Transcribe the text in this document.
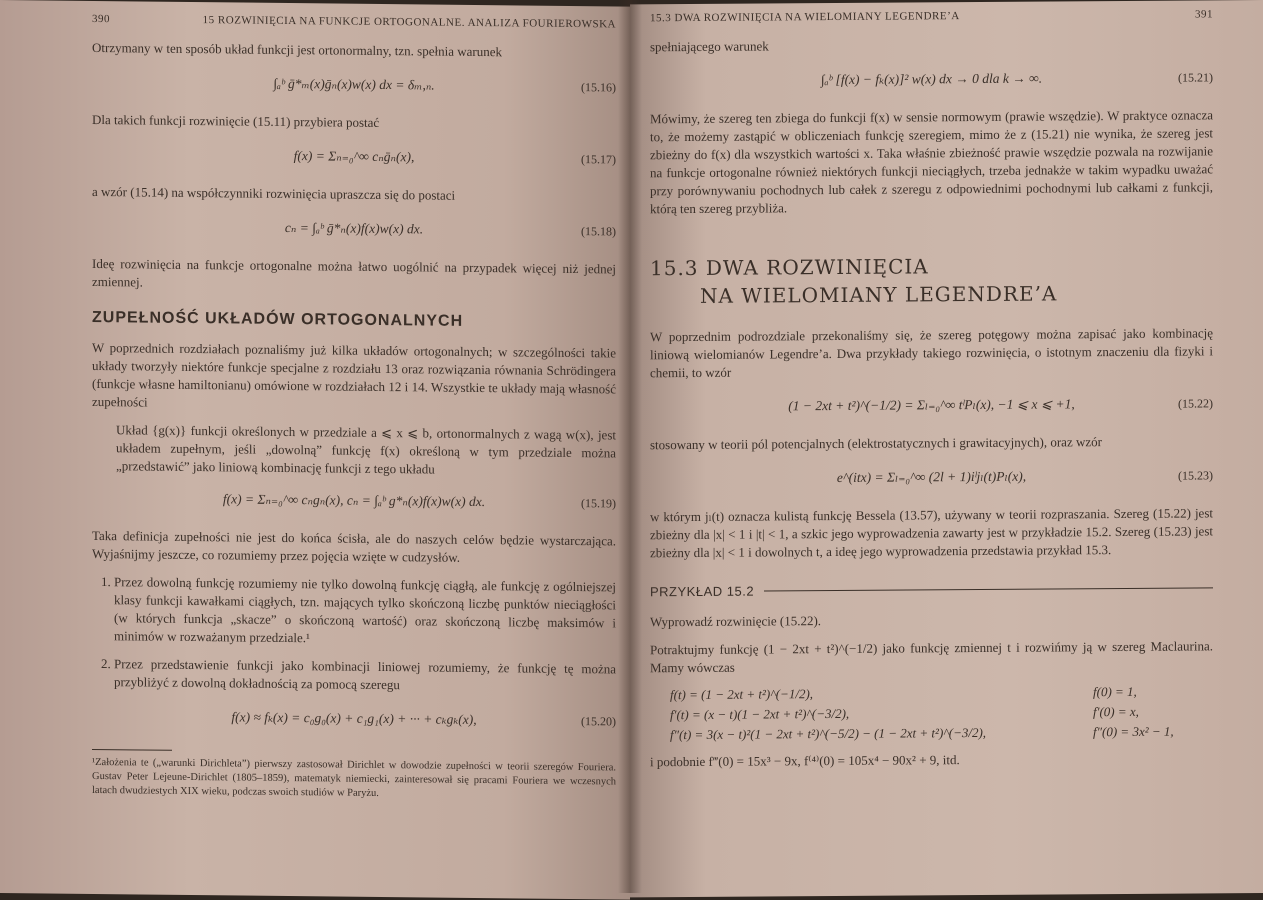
390	15 ROZWINIĘCIA NA FUNKCJE ORTOGONALNE. ANALIZA FOURIEROWSKA

Otrzymany w ten sposób układ funkcji jest ortonormalny, tzn. spełnia warunek

∫ₐᵇ ḡ*ₘ(x)ḡₙ(x)w(x) dx = δₘ,ₙ.	(15.16)

Dla takich funkcji rozwinięcie (15.11) przybiera postać

f(x) = Σₙ₌₀^∞ cₙḡₙ(x),	(15.17)

a wzór (15.14) na współczynniki rozwinięcia upraszcza się do postaci

cₙ = ∫ₐᵇ ḡ*ₙ(x)f(x)w(x) dx.	(15.18)

Ideę rozwinięcia na funkcje ortogonalne można łatwo uogólnić na przypadek więcej niż jednej zmiennej.

ZUPEŁNOŚĆ UKŁADÓW ORTOGONALNYCH

W poprzednich rozdziałach poznaliśmy już kilka układów ortogonalnych; w szczególności takie układy tworzyły niektóre funkcje specjalne z rozdziału 13 oraz rozwiązania równania Schrödingera (funkcje własne hamiltonianu) omówione w rozdziałach 12 i 14. Wszystkie te układy mają własność zupełności

Układ {g(x)} funkcji określonych w przedziale a ⩽ x ⩽ b, ortonormalnych z wagą w(x), jest układem zupełnym, jeśli „dowolną” funkcję f(x) określoną w tym przedziale można „przedstawić” jako liniową kombinację funkcji z tego układu

f(x) = Σₙ₌₀^∞ cₙgₙ(x), cₙ = ∫ₐᵇ g*ₙ(x)f(x)w(x) dx.	(15.19)

Taka definicja zupełności nie jest do końca ścisła, ale do naszych celów będzie wystarczająca. Wyjaśnijmy jeszcze, co rozumiemy przez pojęcia wzięte w cudzysłów.

1. Przez dowolną funkcję rozumiemy nie tylko dowolną funkcję ciągłą, ale funkcję z ogólniejszej klasy funkcji kawałkami ciągłych, tzn. mających tylko skończoną liczbę punktów nieciągłości (w których funkcja „skacze” o skończoną wartość) oraz skończoną liczbę maksimów i minimów w rozważanym przedziale.¹
2. Przez przedstawienie funkcji jako kombinacji liniowej rozumiemy, że funkcję tę można przybliżyć z dowolną dokładnością za pomocą szeregu
f(x) ≈ fₖ(x) = c₀g₀(x) + c₁g₁(x) + ··· + cₖgₖ(x),	(15.20)

¹Założenia te („warunki Dirichleta”) pierwszy zastosował Dirichlet w dowodzie zupełności w teorii szeregów Fouriera. Gustav Peter Lejeune-Dirichlet (1805–1859), matematyk niemiecki, zainteresował się pracami Fouriera we wczesnych latach dwudziestych XIX wieku, podczas swoich studiów w Paryżu.

15.3 DWA ROZWINIĘCIA NA WIELOMIANY LEGENDRE’A	391

spełniającego warunek

∫ₐᵇ [f(x) − fₖ(x)]² w(x) dx → 0 dla k → ∞.	(15.21)

Mówimy, że szereg ten zbiega do funkcji f(x) w sensie normowym (prawie wszędzie). W praktyce oznacza to, że możemy zastąpić w obliczeniach funkcję szeregiem, mimo że z (15.21) nie wynika, że szereg jest zbieżny do f(x) dla wszystkich wartości x. Taka właśnie zbieżność prawie wszędzie pozwala na rozwijanie na funkcje ortogonalne również niektórych funkcji nieciągłych, trzeba jednakże w takim wypadku uważać przy porównywaniu pochodnych lub całek z szeregu z odpowiednimi pochodnymi lub całkami z funkcji, którą ten szereg przybliża.

15.3 DWA ROZWINIĘCIA
NA WIELOMIANY LEGENDRE’A

W poprzednim podrozdziale przekonaliśmy się, że szereg potęgowy można zapisać jako kombinację liniową wielomianów Legendre’a. Dwa przykłady takiego rozwinięcia, o istotnym znaczeniu dla fizyki i chemii, to wzór

(1 − 2xt + t²)^(−1/2) = Σₗ₌₀^∞ tˡPₗ(x), −1 ⩽ x ⩽ +1,	(15.22)

stosowany w teorii pól potencjalnych (elektrostatycznych i grawitacyjnych), oraz wzór

e^(itx) = Σₗ₌₀^∞ (2l + 1)iˡjₗ(t)Pₗ(x),	(15.23)

w którym jₗ(t) oznacza kulistą funkcję Bessela (13.57), używany w teorii rozpraszania. Szereg (15.22) jest zbieżny dla |x| < 1 i |t| < 1, a szkic jego wyprowadzenia zawarty jest w przykładzie 15.2. Szereg (15.23) jest zbieżny dla |x| < 1 i dowolnych t, a ideę jego wyprowadzenia przedstawia przykład 15.3.

PRZYKŁAD 15.2

Wyprowadź rozwinięcie (15.22).

Potraktujmy funkcję (1 − 2xt + t²)^(−1/2) jako funkcję zmiennej t i rozwińmy ją w szereg Maclaurina. Mamy wówczas

f(t) = (1 − 2xt + t²)^(−1/2),	f(0) = 1,
f′(t) = (x − t)(1 − 2xt + t²)^(−3/2),	f′(0) = x,
f″(t) = 3(x − t)²(1 − 2xt + t²)^(−5/2) − (1 − 2xt + t²)^(−3/2),	f″(0) = 3x² − 1,

i podobnie f‴(0) = 15x³ − 9x, f⁽⁴⁾(0) = 105x⁴ − 90x² + 9, itd.
